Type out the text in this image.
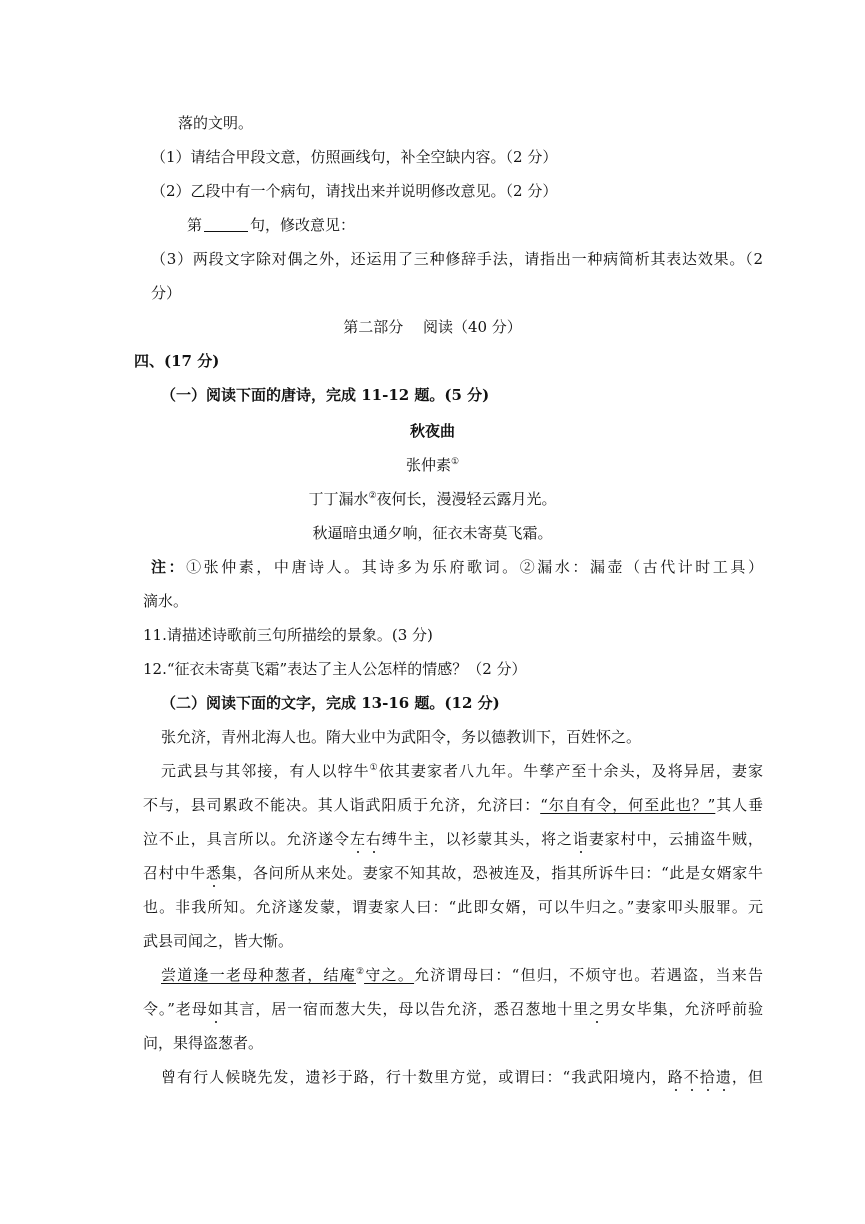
落的文明。
（1）请结合甲段文意，仿照画线句，补全空缺内容。（2 分）
（2）乙段中有一个病句，请找出来并说明修改意见。（2 分）
第	句，修改意见：
（3）两段文字除对偶之外，还运用了三种修辞手法，请指出一种病简析其表达效果。（2
分）
第二部分　 阅读（40 分）
四、(17 分)
（一）阅读下面的唐诗，完成 11-12 题。(5 分)
秋夜曲
张仲素①
丁丁漏水②夜何长，漫漫轻云露月光。
秋逼暗虫通夕响，征衣未寄莫飞霜。
注：①张仲素，中唐诗人。其诗多为乐府歌词。②漏水：漏壶（古代计时工具）
滴水。
11.请描述诗歌前三句所描绘的景象。(3 分)
12.“征衣未寄莫飞霜”表达了主人公怎样的情感？（2 分）
（二）阅读下面的文字，完成 13-16 题。(12 分)
张允济，青州北海人也。隋大业中为武阳令，务以德教训下，百姓怀之。
元武县与其邻接，有人以牸牛①依其妻家者八九年。牛孳产至十余头，及将异居，妻家
不与，县司累政不能决。其人诣武阳质于允济，允济曰：“尔自有令，何至此也？”其人垂
泣不止，具言所以。允济遂令左右缚牛主，以衫蒙其头，将之诣妻家村中，云捕盗牛贼，
召村中牛悉集，各问所从来处。妻家不知其故，恐被连及，指其所诉牛曰：“此是女婿家牛
也。非我所知。允济遂发蒙，谓妻家人曰：“此即女婿，可以牛归之。”妻家叩头服罪。元
武县司闻之，皆大惭。
尝道逢一老母种葱者，结庵②守之。允济谓母曰：“但归，不烦守也。若遇盗，当来告
令。”老母如其言，居一宿而葱大失，母以告允济，悉召葱地十里之男女毕集，允济呼前验
问，果得盗葱者。
曾有行人候晓先发，遗衫于路，行十数里方觉，或谓曰：“我武阳境内，路不拾遗，但
